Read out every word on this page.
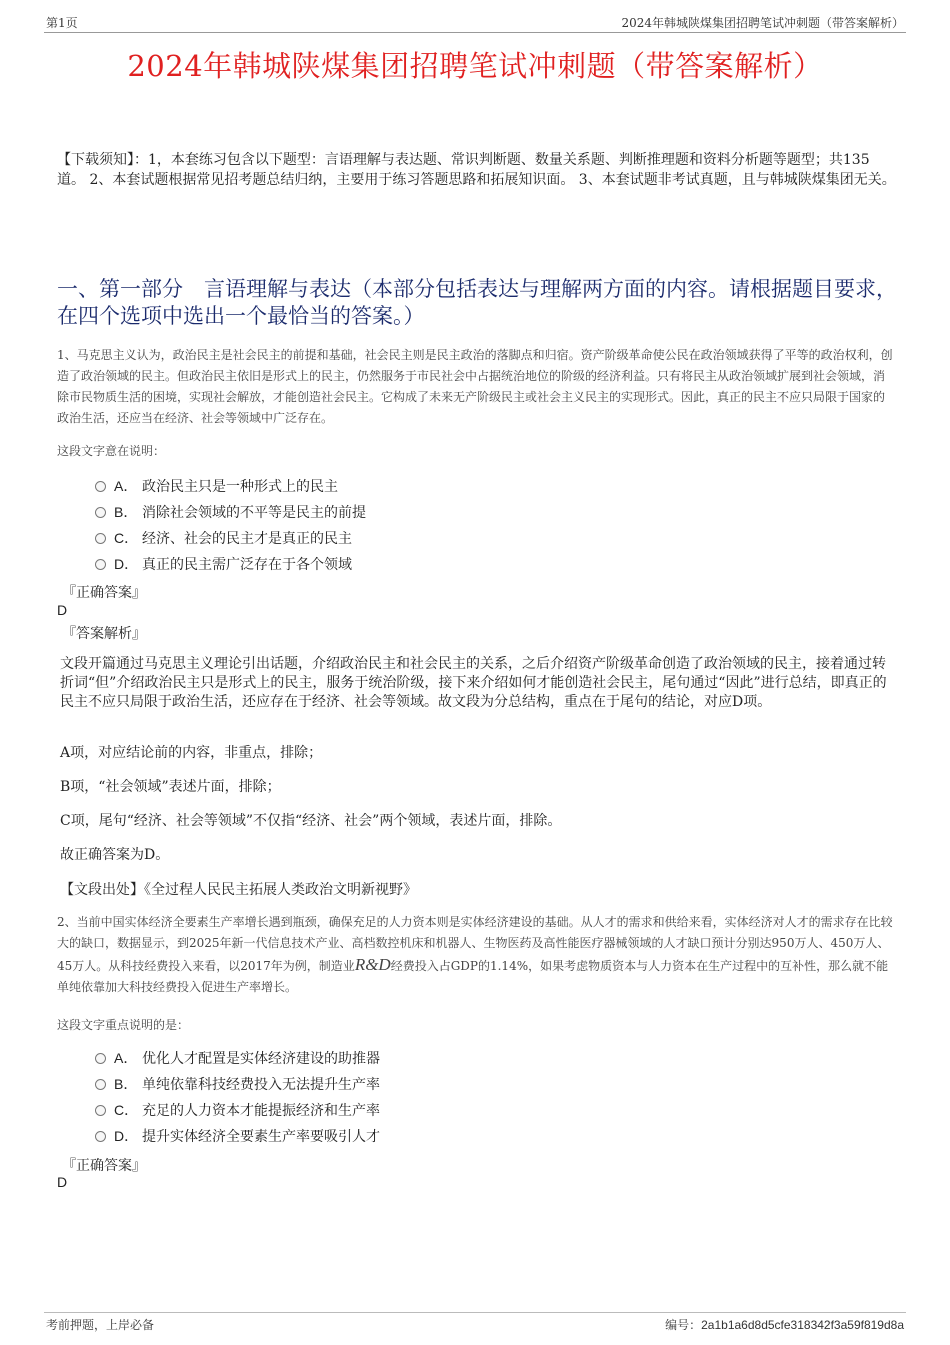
第1页	2024年韩城陕煤集团招聘笔试冲刺题（带答案解析）
2024年韩城陕煤集团招聘笔试冲刺题（带答案解析）
【下载须知】：1，本套练习包含以下题型：言语理解与表达题、常识判断题、数量关系题、判断推理题和资料分析题等题型；共135道。 2、本套试题根据常见招考题总结归纳，主要用于练习答题思路和拓展知识面。 3、本套试题非考试真题，且与韩城陕煤集团无关。
一、第一部分　言语理解与表达（本部分包括表达与理解两方面的内容。请根据题目要求，在四个选项中选出一个最恰当的答案。）
1、马克思主义认为，政治民主是社会民主的前提和基础，社会民主则是民主政治的落脚点和归宿。资产阶级革命使公民在政治领域获得了平等的政治权利，创造了政治领域的民主。但政治民主依旧是形式上的民主，仍然服务于市民社会中占据统治地位的阶级的经济利益。只有将民主从政治领域扩展到社会领域，消除市民物质生活的困境，实现社会解放，才能创造社会民主。它构成了未来无产阶级民主或社会主义民主的实现形式。因此，真正的民主不应只局限于国家的政治生活，还应当在经济、社会等领域中广泛存在。
这段文字意在说明：
A． 政治民主只是一种形式上的民主
B． 消除社会领域的不平等是民主的前提
C． 经济、社会的民主才是真正的民主
D． 真正的民主需广泛存在于各个领域
『正确答案』
D
『答案解析』
文段开篇通过马克思主义理论引出话题，介绍政治民主和社会民主的关系，之后介绍资产阶级革命创造了政治领域的民主，接着通过转折词“但”介绍政治民主只是形式上的民主，服务于统治阶级，接下来介绍如何才能创造社会民主，尾句通过“因此”进行总结，即真正的民主不应只局限于政治生活，还应存在于经济、社会等领域。故文段为分总结构，重点在于尾句的结论，对应D项。
A项，对应结论前的内容，非重点，排除；
B项，“社会领域”表述片面，排除；
C项，尾句“经济、社会等领域”不仅指“经济、社会”两个领域，表述片面，排除。
故正确答案为D。
【文段出处】《全过程人民民主拓展人类政治文明新视野》
2、当前中国实体经济全要素生产率增长遇到瓶颈，确保充足的人力资本则是实体经济建设的基础。从人才的需求和供给来看，实体经济对人才的需求存在比较大的缺口，数据显示，到2025年新一代信息技术产业、高档数控机床和机器人、生物医药及高性能医疗器械领域的人才缺口预计分别达950万人、450万人、45万人。从科技经费投入来看，以2017年为例，制造业R&D经费投入占GDP的1.14%，如果考虑物质资本与人力资本在生产过程中的互补性，那么就不能单纯依靠加大科技经费投入促进生产率增长。
这段文字重点说明的是：
A． 优化人才配置是实体经济建设的助推器
B． 单纯依靠科技经费投入无法提升生产率
C． 充足的人力资本才能提振经济和生产率
D． 提升实体经济全要素生产率要吸引人才
『正确答案』
D
考前押题，上岸必备	编号：2a1b1a6d8d5cfe318342f3a59f819d8a
